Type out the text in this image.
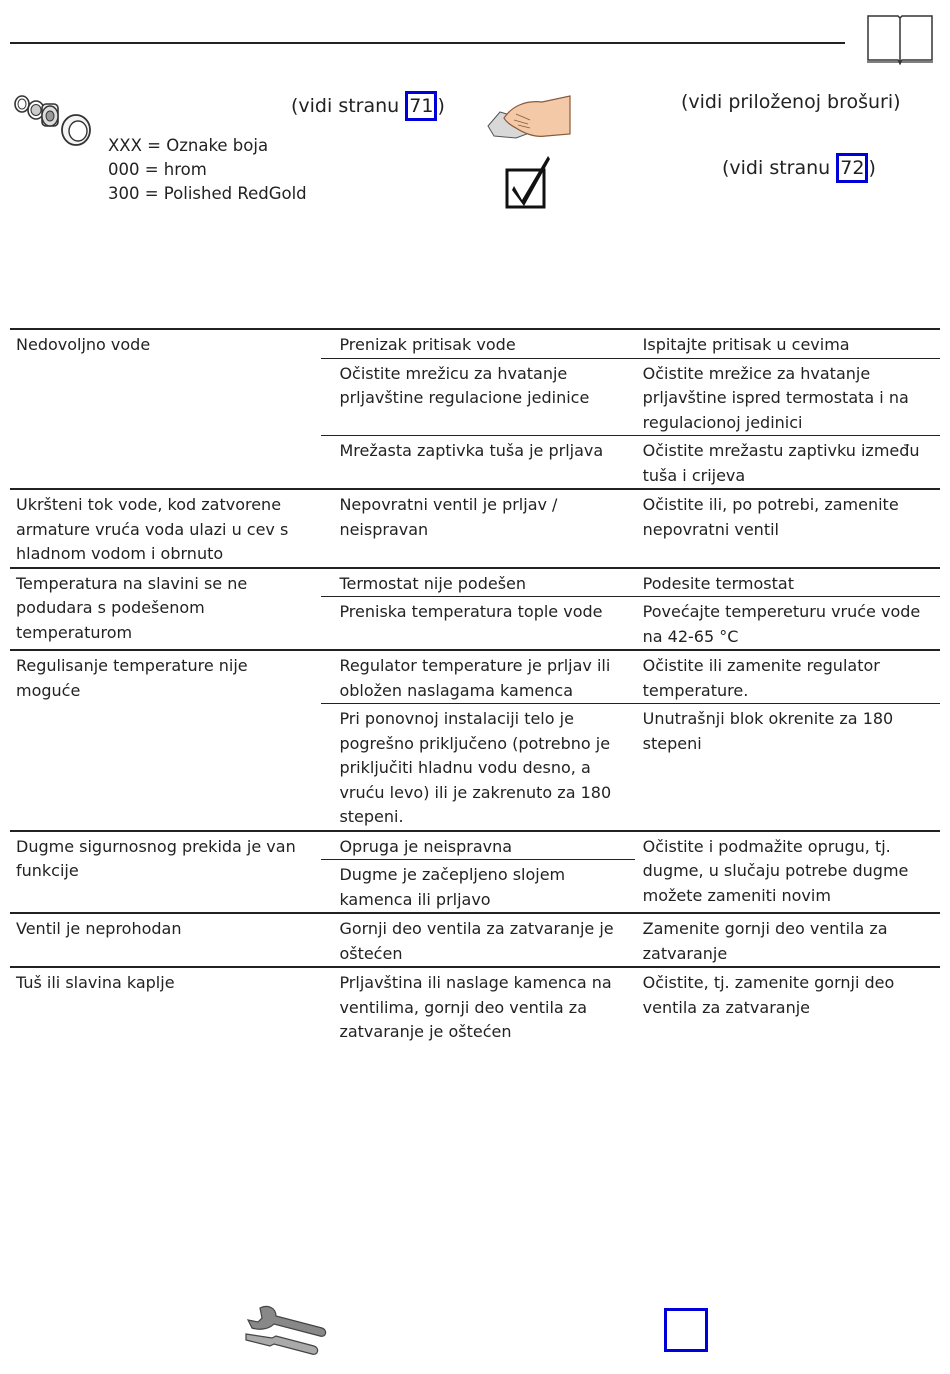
(vidi stranu 71 )
XXX = Oznake boja
000 = hrom
300 = Polished RedGold
(vidi priloženoj brošuri)
(vidi stranu 72 )
Nedovoljno vode	Prenizak pritisak vode	Ispitajte pritisak u cevima
	Očistite mrežicu za hvatanje prljavštine regulacione jedinice	Očistite mrežice za hvatanje prljavštine ispred termostata i na regulacionoj jedinici
	Mrežasta zaptivka tuša je prljava	Očistite mrežastu zaptivku između tuša i crijeva
Ukršteni tok vode, kod zatvorene armature vruća voda ulazi u cev s hladnom vodom i obrnuto	Nepovratni ventil je prljav / neispravan	Očistite ili, po potrebi, zamenite nepovratni ventil
Temperatura na slavini se ne podudara s podešenom temperaturom	Termostat nije podešen	Podesite termostat
	Preniska temperatura tople vode	Povećajte tempereturu vruće vode na 42-65 °C
Regulisanje temperature nije moguće	Regulator temperature je prljav ili obložen naslagama kamenca	Očistite ili zamenite regulator temperature.
	Pri ponovnoj instalaciji telo je pogrešno priključeno (potrebno je priključiti hladnu vodu desno, a vruću levo) ili je zakrenuto za 180 stepeni.	Unutrašnji blok okrenite za 180 stepeni
Dugme sigurnosnog prekida je van funkcije	Opruga je neispravna	Očistite i podmažite oprugu, tj. dugme, u slučaju potrebe dugme možete zameniti novim
	Dugme je začepljeno slojem kamenca ili prljavo	
Ventil je neprohodan	Gornji deo ventila za zatvaranje je oštećen	Zamenite gornji deo ventila za zatvaranje
Tuš ili slavina kaplje	Prljavština ili naslage kamenca na ventilima, gornji deo ventila za zatvaranje je oštećen	Očistite, tj. zamenite gornji deo ventila za zatvaranje
